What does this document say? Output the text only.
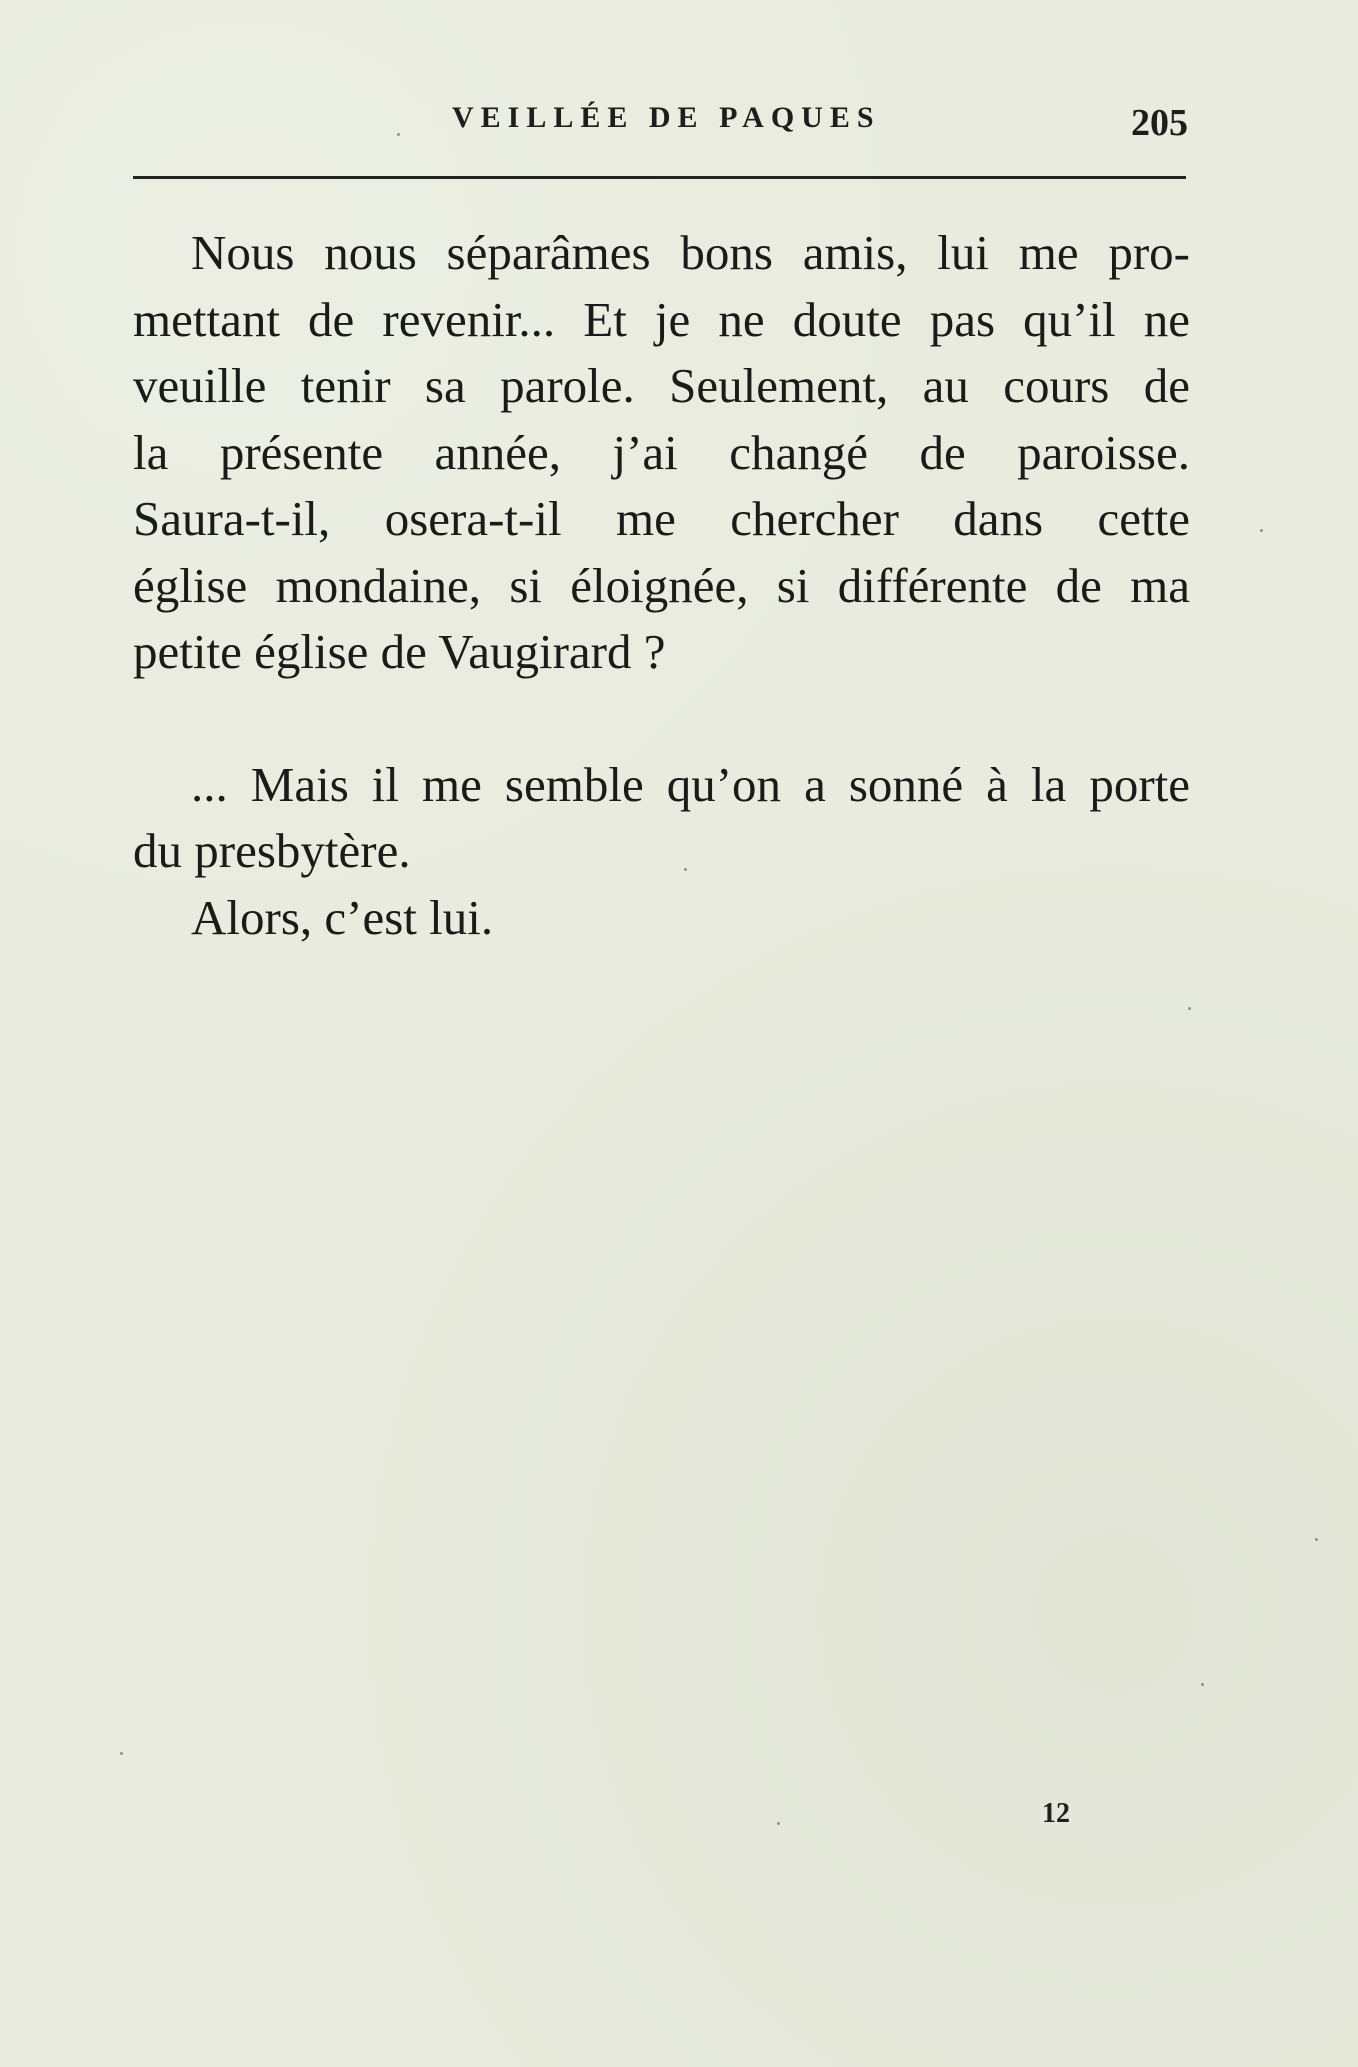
VEILLÉE DE PAQUES	205
Nous nous séparâmes bons amis, lui me pro-
mettant de revenir... Et je ne doute pas qu’il ne
veuille tenir sa parole. Seulement, au cours de
la présente année, j’ai changé de paroisse.
Saura-t-il, osera-t-il me chercher dans cette
église mondaine, si éloignée, si différente de ma
petite église de Vaugirard ?
... Mais il me semble qu’on a sonné à la porte
du presbytère.
Alors, c’est lui.
12
